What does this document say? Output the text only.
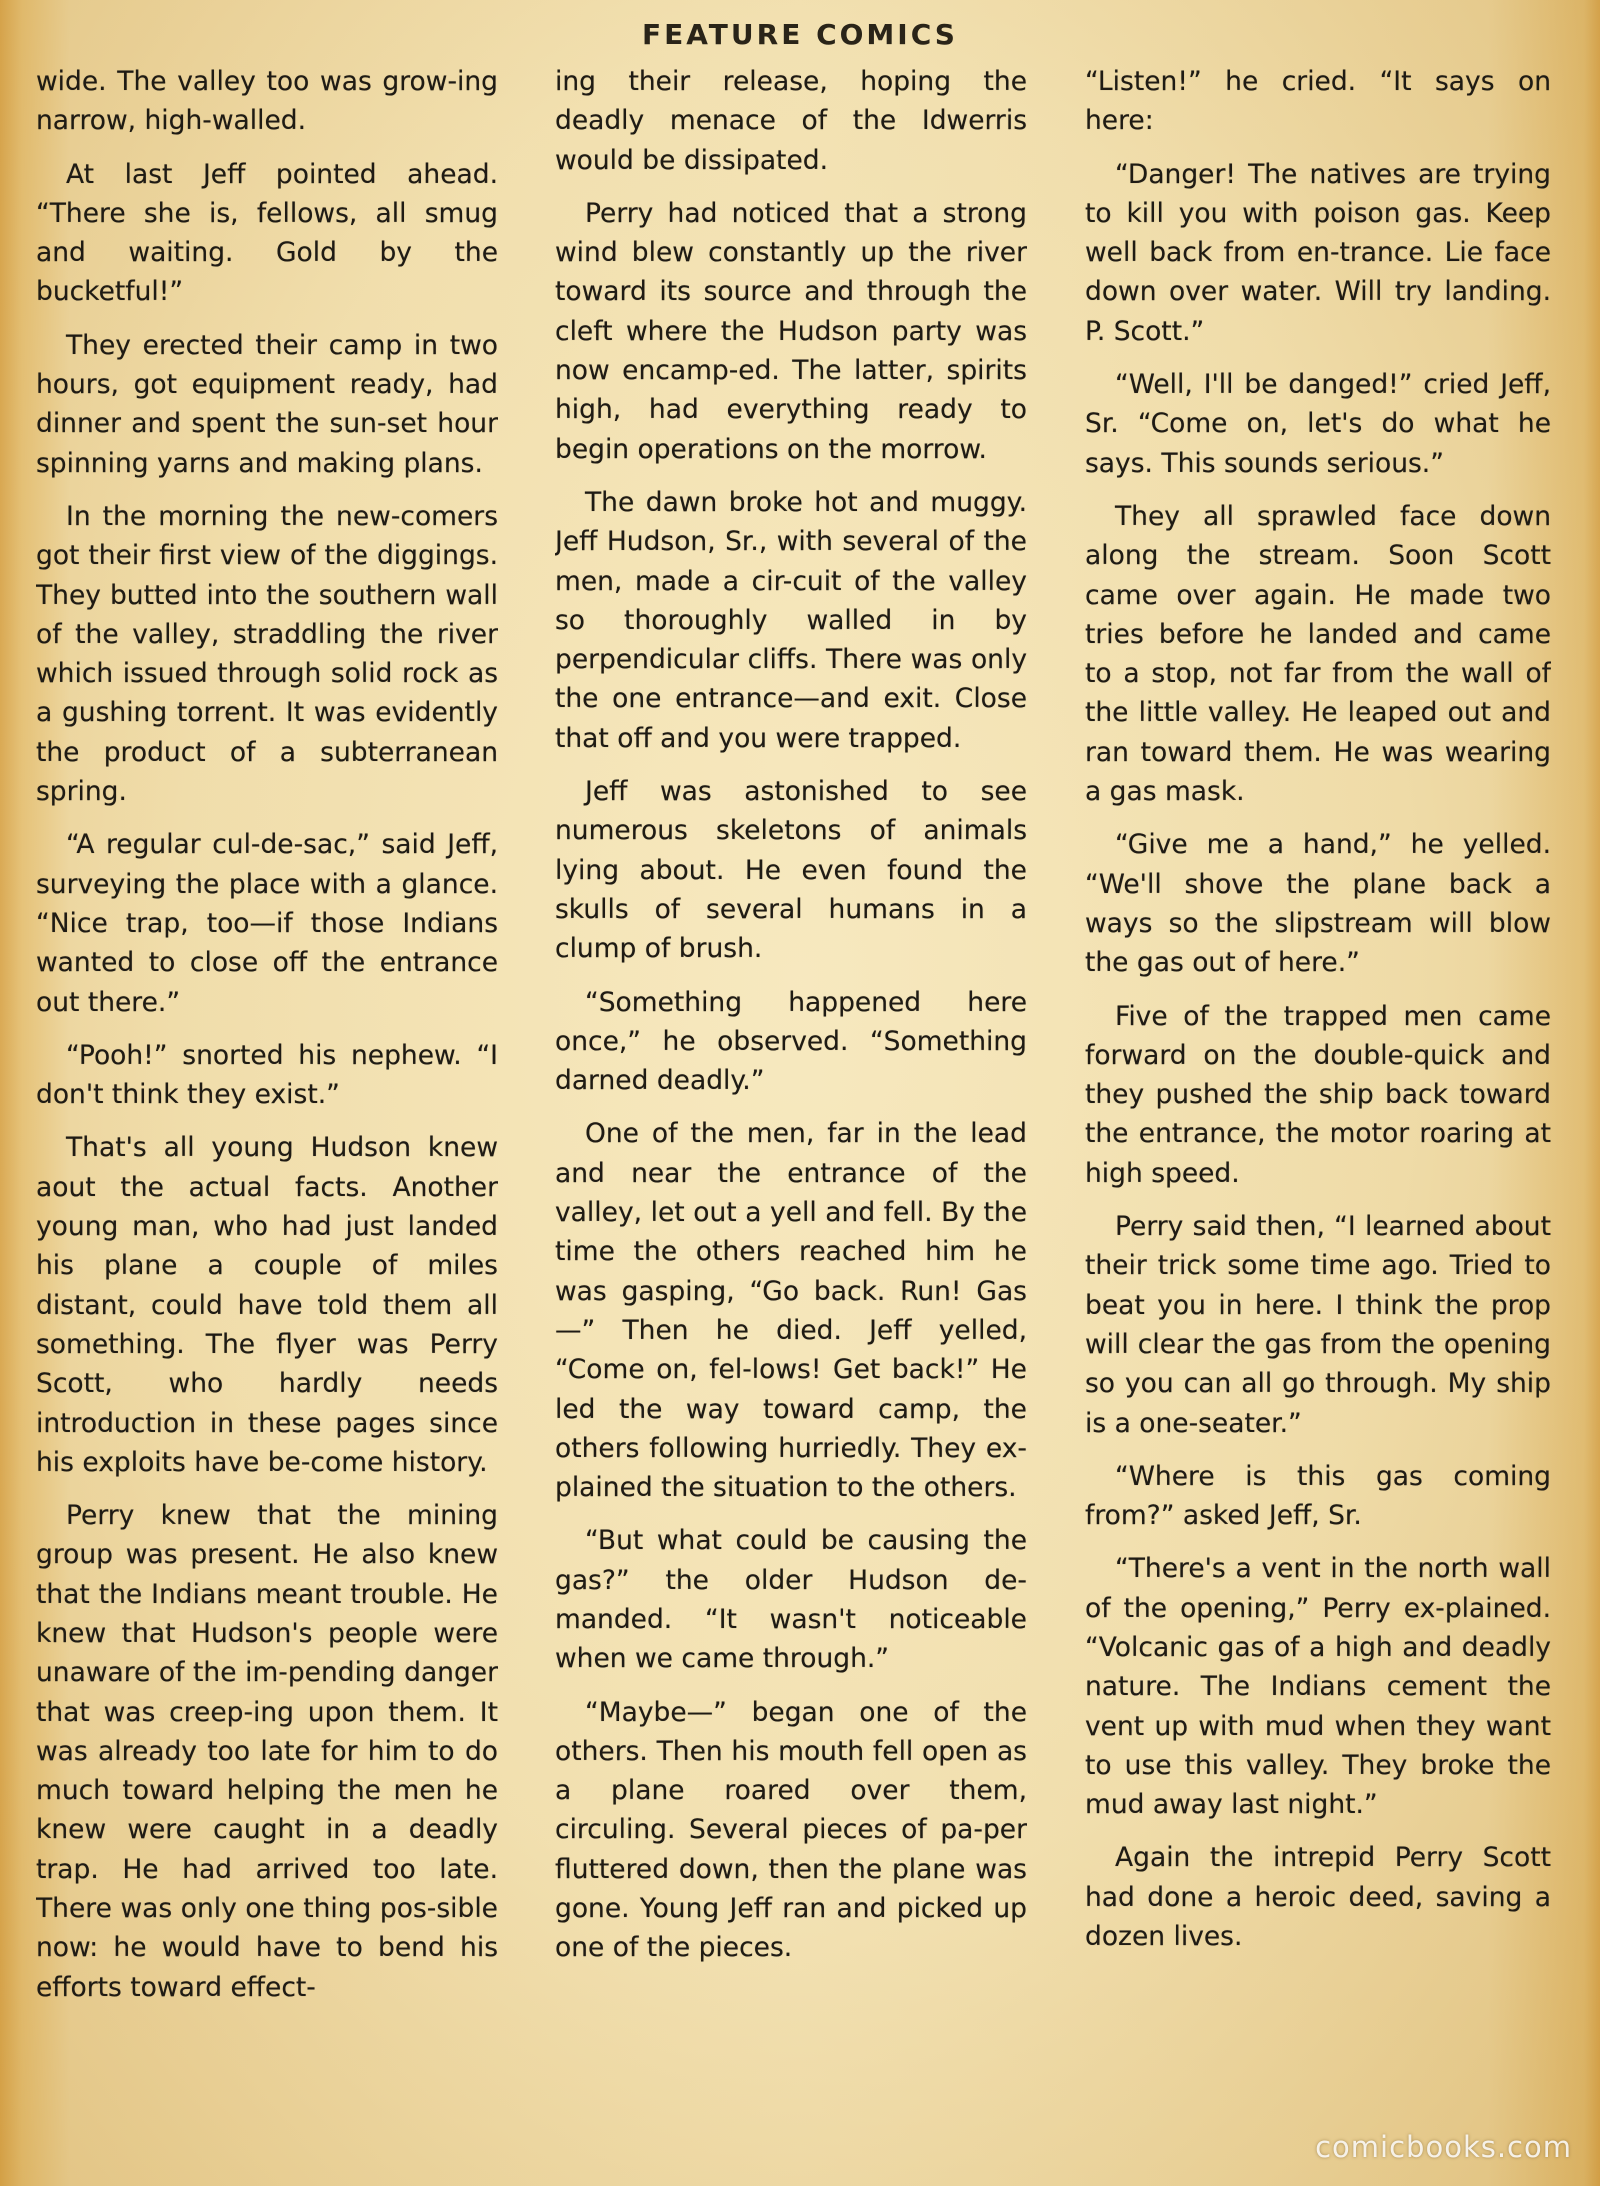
FEATURE COMICS

wide. The valley too was grow-ing narrow, high-walled.

At last Jeff pointed ahead. “There she is, fellows, all smug and waiting. Gold by the bucketful!”

They erected their camp in two hours, got equipment ready, had dinner and spent the sun-set hour spinning yarns and making plans.

In the morning the new-comers got their first view of the diggings. They butted into the southern wall of the valley, straddling the river which issued through solid rock as a gushing torrent. It was evidently the product of a subterranean spring.

“A regular cul-de-sac,” said Jeff, surveying the place with a glance. “Nice trap, too—if those Indians wanted to close off the entrance out there.”

“Pooh!” snorted his nephew. “I don't think they exist.”

That's all young Hudson knew aout the actual facts. Another young man, who had just landed his plane a couple of miles distant, could have told them all something. The flyer was Perry Scott, who hardly needs introduction in these pages since his exploits have be-come history.

Perry knew that the mining group was present. He also knew that the Indians meant trouble. He knew that Hudson's people were unaware of the im-pending danger that was creep-ing upon them. It was already too late for him to do much toward helping the men he knew were caught in a deadly trap. He had arrived too late. There was only one thing pos-sible now: he would have to bend his efforts toward effect-

ing their release, hoping the deadly menace of the Idwerris would be dissipated.

Perry had noticed that a strong wind blew constantly up the river toward its source and through the cleft where the Hudson party was now encamp-ed. The latter, spirits high, had everything ready to begin operations on the morrow.

The dawn broke hot and muggy. Jeff Hudson, Sr., with several of the men, made a cir-cuit of the valley so thoroughly walled in by perpendicular cliffs. There was only the one entrance—and exit. Close that off and you were trapped.

Jeff was astonished to see numerous skeletons of animals lying about. He even found the skulls of several humans in a clump of brush.

“Something happened here once,” he observed. “Something darned deadly.”

One of the men, far in the lead and near the entrance of the valley, let out a yell and fell. By the time the others reached him he was gasping, “Go back. Run! Gas—” Then he died. Jeff yelled, “Come on, fel-lows! Get back!” He led the way toward camp, the others following hurriedly. They ex-plained the situation to the others.

“But what could be causing the gas?” the older Hudson de-manded. “It wasn't noticeable when we came through.”

“Maybe—” began one of the others. Then his mouth fell open as a plane roared over them, circuling. Several pieces of pa-per fluttered down, then the plane was gone. Young Jeff ran and picked up one of the pieces.

“Listen!” he cried. “It says on here:

“Danger! The natives are trying to kill you with poison gas. Keep well back from en-trance. Lie face down over water. Will try landing. P. Scott.”

“Well, I'll be danged!” cried Jeff, Sr. “Come on, let's do what he says. This sounds serious.”

They all sprawled face down along the stream. Soon Scott came over again. He made two tries before he landed and came to a stop, not far from the wall of the little valley. He leaped out and ran toward them. He was wearing a gas mask.

“Give me a hand,” he yelled. “We'll shove the plane back a ways so the slipstream will blow the gas out of here.”

Five of the trapped men came forward on the double-quick and they pushed the ship back toward the entrance, the motor roaring at high speed.

Perry said then, “I learned about their trick some time ago. Tried to beat you in here. I think the prop will clear the gas from the opening so you can all go through. My ship is a one-seater.”

“Where is this gas coming from?” asked Jeff, Sr.

“There's a vent in the north wall of the opening,” Perry ex-plained. “Volcanic gas of a high and deadly nature. The Indians cement the vent up with mud when they want to use this valley. They broke the mud away last night.”

Again the intrepid Perry Scott had done a heroic deed, saving a dozen lives.

comicbooks.com
